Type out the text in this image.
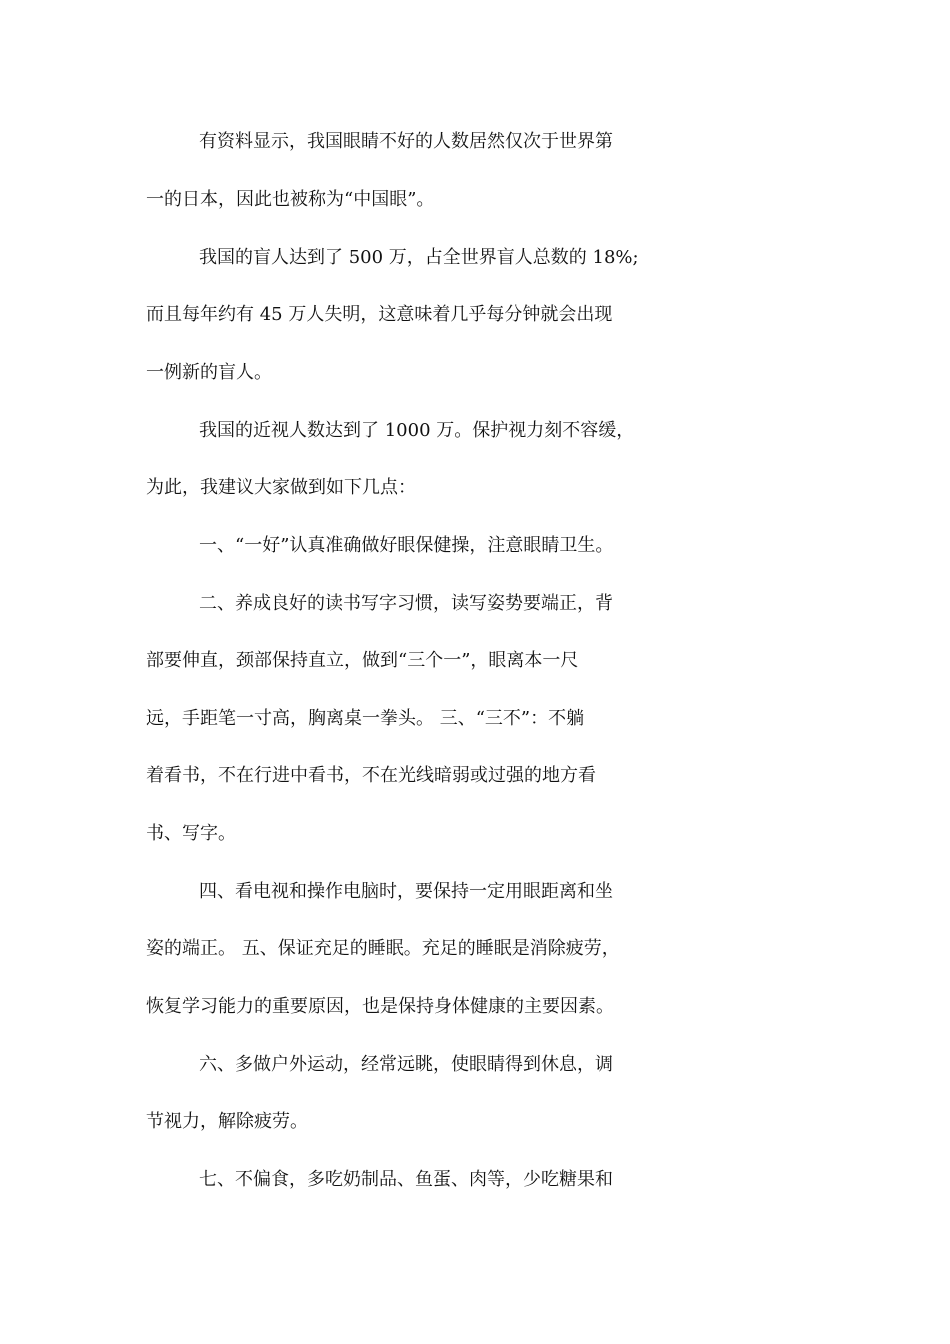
有资料显示，我国眼睛不好的人数居然仅次于世界第
一的日本，因此也被称为“中国眼”。
我国的盲人达到了 500 万，占全世界盲人总数的 18%;
而且每年约有 45 万人失明，这意味着几乎每分钟就会出现
一例新的盲人。
我国的近视人数达到了 1000 万。保护视力刻不容缓，
为此，我建议大家做到如下几点：
一、“一好”认真准确做好眼保健操，注意眼睛卫生。
二、养成良好的读书写字习惯，读写姿势要端正，背
部要伸直，颈部保持直立，做到“三个一”，眼离本一尺
远，手距笔一寸高，胸离桌一拳头。 三、“三不”：不躺
着看书，不在行进中看书，不在光线暗弱或过强的地方看
书、写字。
四、看电视和操作电脑时，要保持一定用眼距离和坐
姿的端正。 五、保证充足的睡眠。充足的睡眠是消除疲劳，
恢复学习能力的重要原因，也是保持身体健康的主要因素。
六、多做户外运动，经常远眺，使眼睛得到休息，调
节视力，解除疲劳。
七、不偏食，多吃奶制品、鱼蛋、肉等，少吃糖果和
